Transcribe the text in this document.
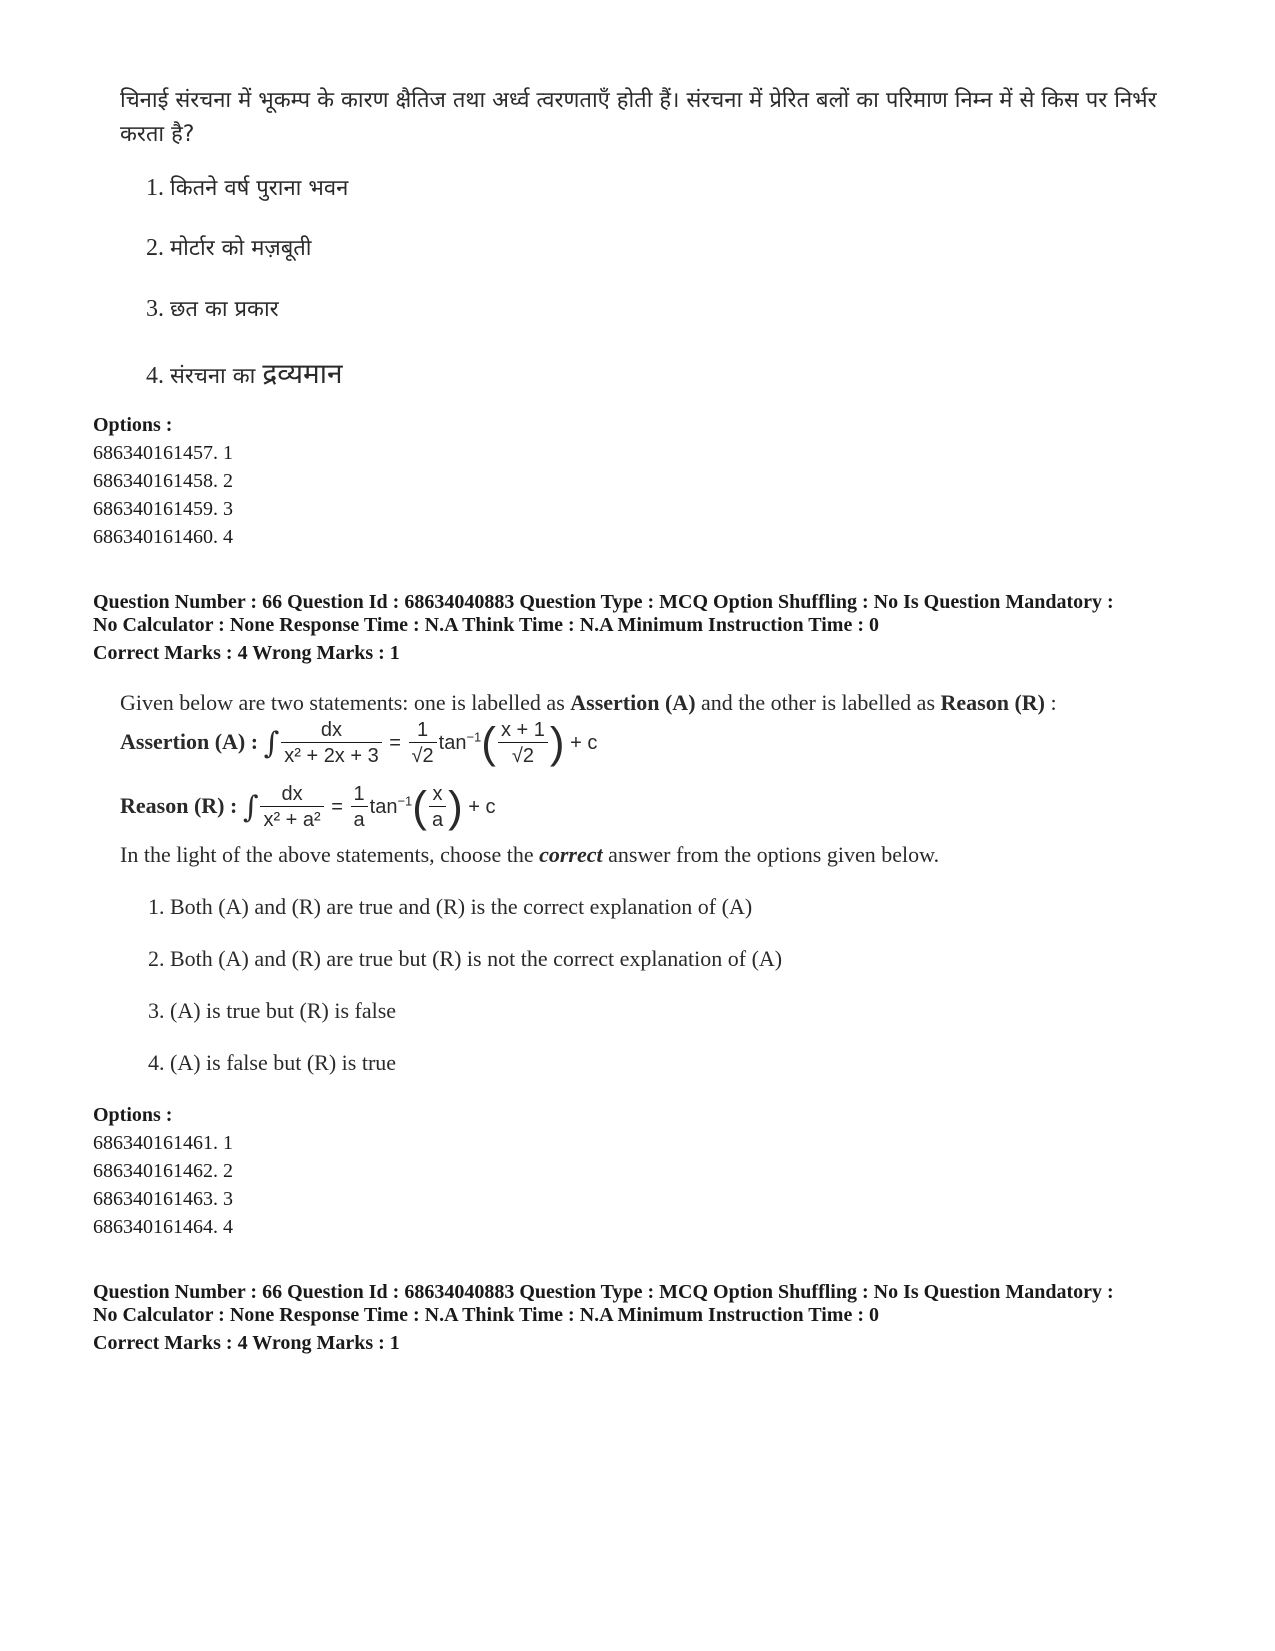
चिनाई संरचना में भूकम्प के कारण क्षैतिज तथा अर्ध्व त्वरणताएँ होती हैं। संरचना में प्रेरित बलों का परिमाण निम्न में से किस पर निर्भर करता है?
1. कितने वर्ष पुराना भवन
2. मोर्टार को मज़बूती
3. छत का प्रकार
4. संरचना का द्रव्यमान
Options :
686340161457. 1
686340161458. 2
686340161459. 3
686340161460. 4
Question Number : 66 Question Id : 68634040883 Question Type : MCQ Option Shuffling : No Is Question Mandatory :
No Calculator : None Response Time : N.A Think Time : N.A Minimum Instruction Time : 0
Correct Marks : 4 Wrong Marks : 1
Given below are two statements: one is labelled as Assertion (A) and the other is labelled as Reason (R) :
Assertion (A) : ∫ $\frac{dx}{\text{x² + 2x + 3}} = \frac{1}{√2} \tan^{-1}( \frac{x + 1}{√2}$ ) + c
Reason (R) : ∫ $\frac{dx}{\text{x² + a²}} = \frac{1}{a} \tan^{-1}( \frac{x}{a}$ ) + c
In the light of the above statements, choose the correct answer from the options given below.
1. Both (A) and (R) are true and (R) is the correct explanation of (A)
2. Both (A) and (R) are true but (R) is not the correct explanation of (A)
3. (A) is true but (R) is false
4. (A) is false but (R) is true
Options :
686340161461. 1
686340161462. 2
686340161463. 3
686340161464. 4
Question Number : 66 Question Id : 68634040883 Question Type : MCQ Option Shuffling : No Is Question Mandatory :
No Calculator : None Response Time : N.A Think Time : N.A Minimum Instruction Time : 0
Correct Marks : 4 Wrong Marks : 1
